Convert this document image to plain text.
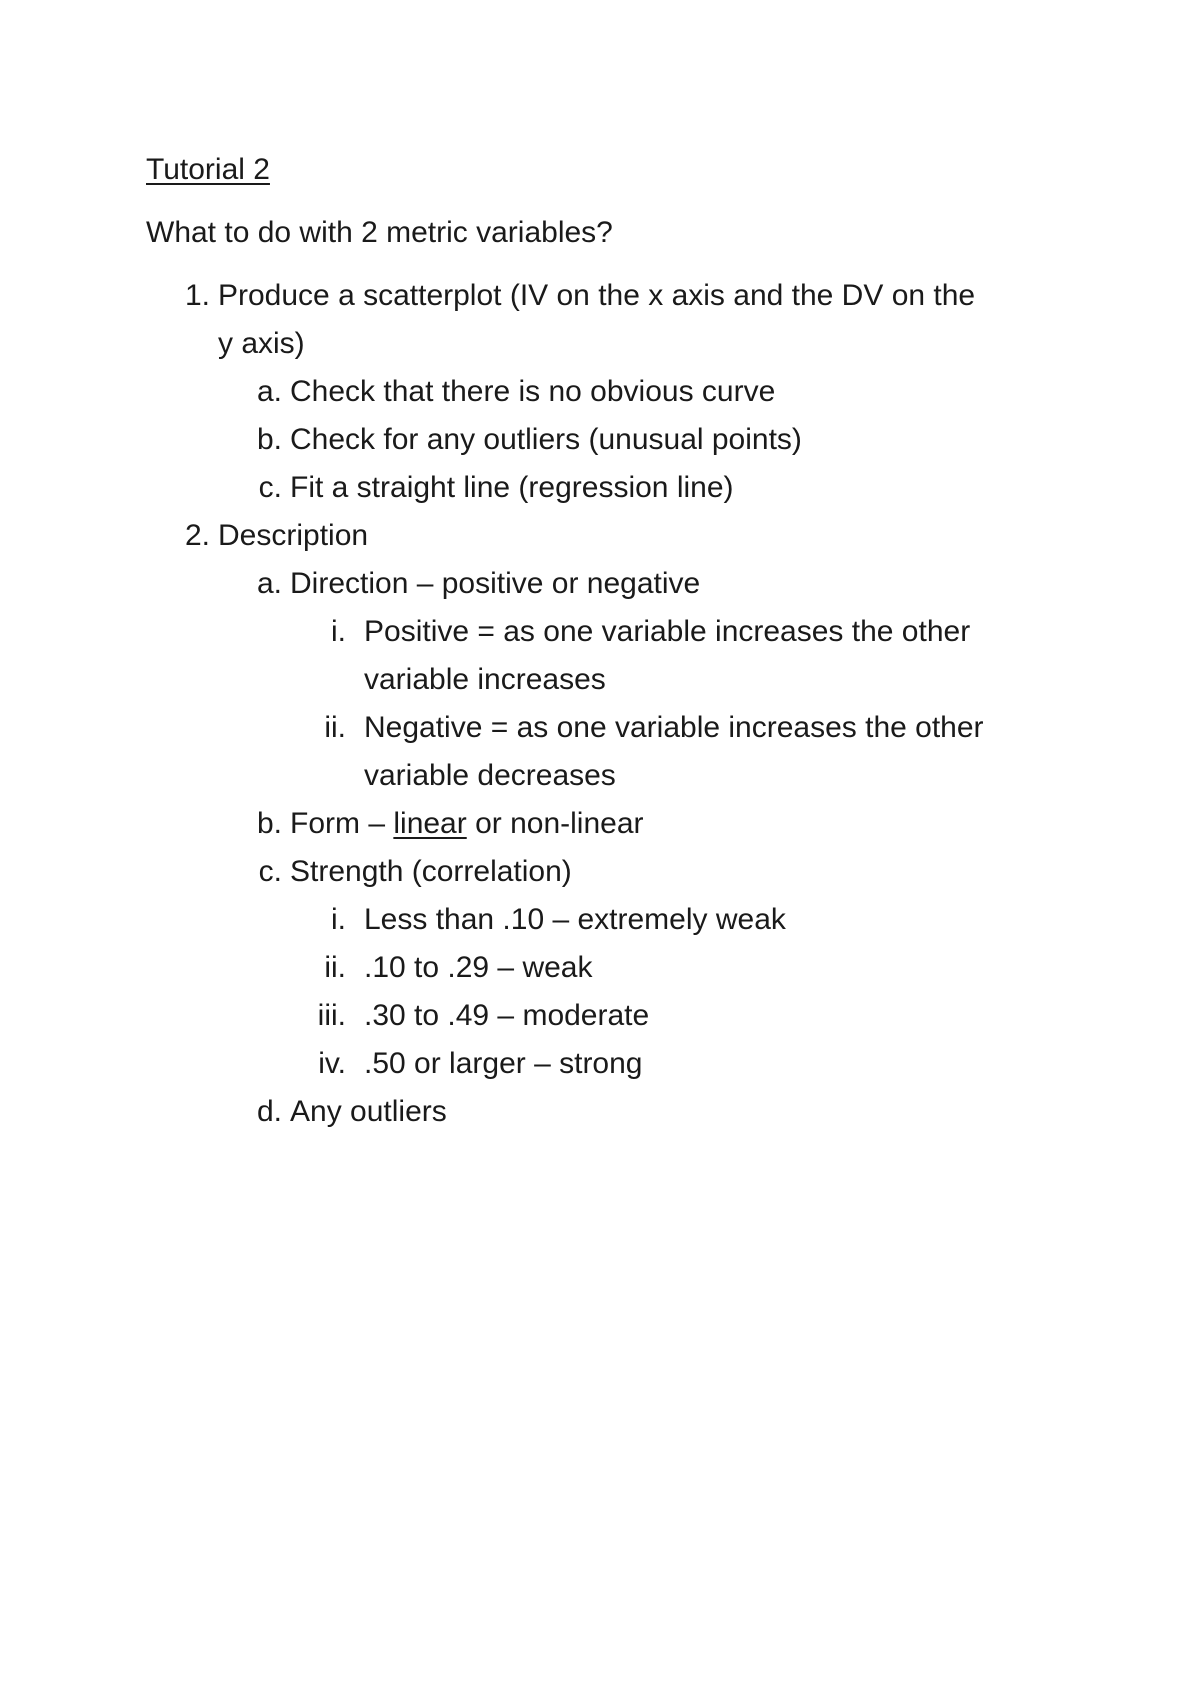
Tutorial 2
What to do with 2 metric variables?
1. Produce a scatterplot (IV on the x axis and the DV on the
y axis)
a. Check that there is no obvious curve
b. Check for any outliers (unusual points)
c. Fit a straight line (regression line)
2. Description
a. Direction – positive or negative
i. Positive = as one variable increases the other
variable increases
ii. Negative = as one variable increases the other
variable decreases
b. Form – linear or non-linear
c. Strength (correlation)
i. Less than .10 – extremely weak
ii. .10 to .29 – weak
iii. .30 to .49 – moderate
iv. .50 or larger – strong
d. Any outliers
